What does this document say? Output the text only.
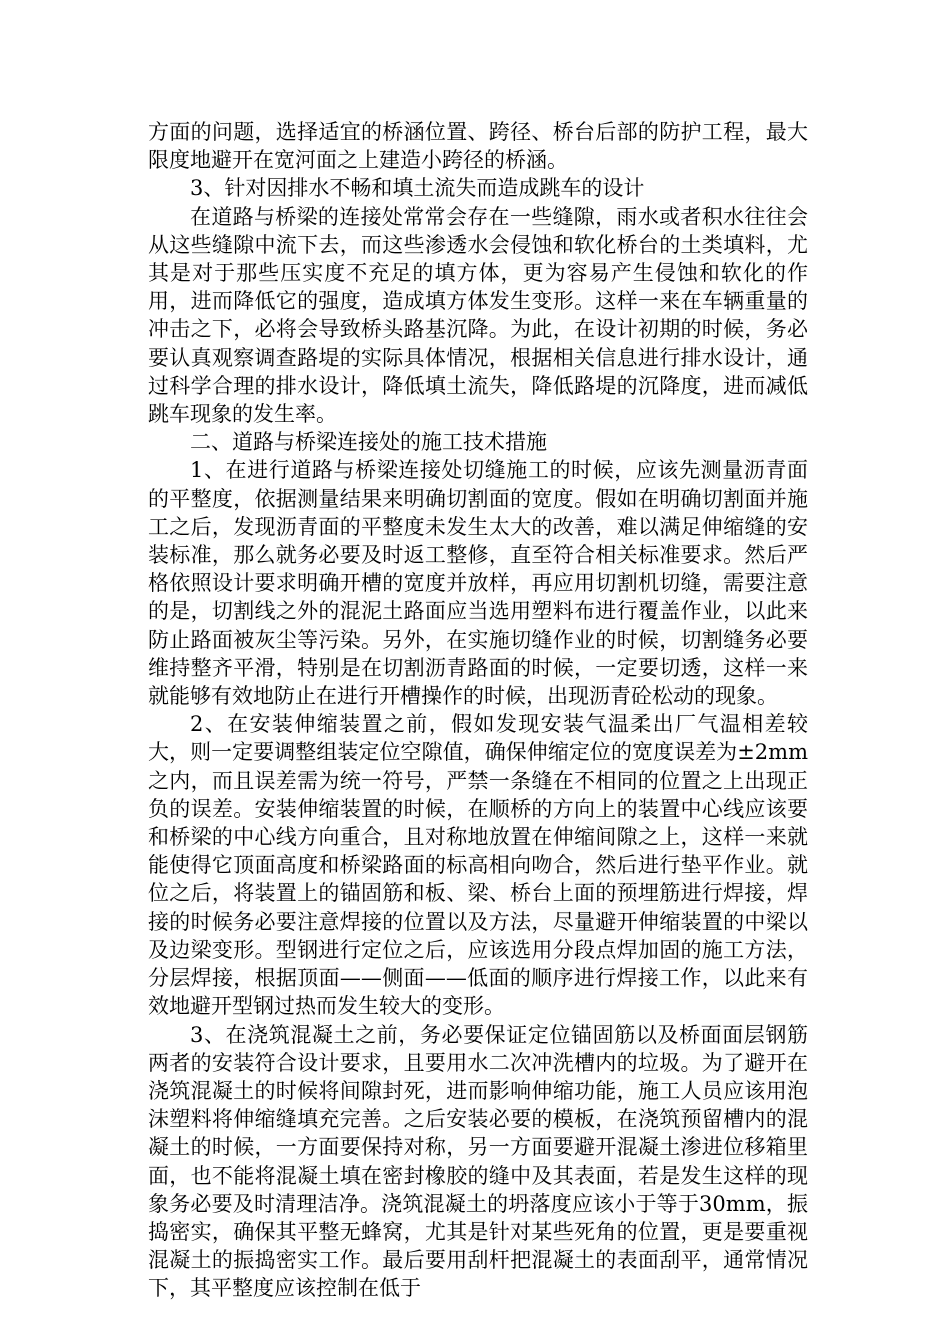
方面的问题，选择适宜的桥涵位置、跨径、桥台后部的防护工程，最大限度地避开在宽河面之上建造小跨径的桥涵。

3、针对因排水不畅和填土流失而造成跳车的设计

在道路与桥梁的连接处常常会存在一些缝隙，雨水或者积水往往会从这些缝隙中流下去，而这些渗透水会侵蚀和软化桥台的土类填料，尤其是对于那些压实度不充足的填方体，更为容易产生侵蚀和软化的作用，进而降低它的强度，造成填方体发生变形。这样一来在车辆重量的冲击之下，必将会导致桥头路基沉降。为此，在设计初期的时候，务必要认真观察调查路堤的实际具体情况，根据相关信息进行排水设计，通过科学合理的排水设计，降低填土流失，降低路堤的沉降度，进而减低跳车现象的发生率。

二、道路与桥梁连接处的施工技术措施

1、在进行道路与桥梁连接处切缝施工的时候，应该先测量沥青面的平整度，依据测量结果来明确切割面的宽度。假如在明确切割面并施工之后，发现沥青面的平整度未发生太大的改善，难以满足伸缩缝的安装标准，那么就务必要及时返工整修，直至符合相关标准要求。然后严格依照设计要求明确开槽的宽度并放样，再应用切割机切缝，需要注意的是，切割线之外的混泥土路面应当选用塑料布进行覆盖作业，以此来防止路面被灰尘等污染。另外，在实施切缝作业的时候，切割缝务必要维持整齐平滑，特别是在切割沥青路面的时候，一定要切透，这样一来就能够有效地防止在进行开槽操作的时候，出现沥青砼松动的现象。

2、在安装伸缩装置之前，假如发现安装气温柔出厂气温相差较大，则一定要调整组装定位空隙值，确保伸缩定位的宽度误差为±2mm之内，而且误差需为统一符号，严禁一条缝在不相同的位置之上出现正负的误差。安装伸缩装置的时候，在顺桥的方向上的装置中心线应该要和桥梁的中心线方向重合，且对称地放置在伸缩间隙之上，这样一来就能使得它顶面高度和桥梁路面的标高相向吻合，然后进行垫平作业。就位之后，将装置上的锚固筋和板、梁、桥台上面的预埋筋进行焊接，焊接的时候务必要注意焊接的位置以及方法，尽量避开伸缩装置的中梁以及边梁变形。型钢进行定位之后，应该选用分段点焊加固的施工方法，分层焊接，根据顶面——侧面——低面的顺序进行焊接工作，以此来有效地避开型钢过热而发生较大的变形。

3、在浇筑混凝土之前，务必要保证定位锚固筋以及桥面面层钢筋两者的安装符合设计要求，且要用水二次冲洗槽内的垃圾。为了避开在浇筑混凝土的时候将间隙封死，进而影响伸缩功能，施工人员应该用泡沫塑料将伸缩缝填充完善。之后安装必要的模板，在浇筑预留槽内的混凝土的时候，一方面要保持对称，另一方面要避开混凝土渗进位移箱里面，也不能将混凝土填在密封橡胶的缝中及其表面，若是发生这样的现象务必要及时清理洁净。浇筑混凝土的坍落度应该小于等于30mm，振捣密实，确保其平整无蜂窝，尤其是针对某些死角的位置，更是要重视混凝土的振捣密实工作。最后要用刮杆把混凝土的表面刮平，通常情况下，其平整度应该控制在低于
